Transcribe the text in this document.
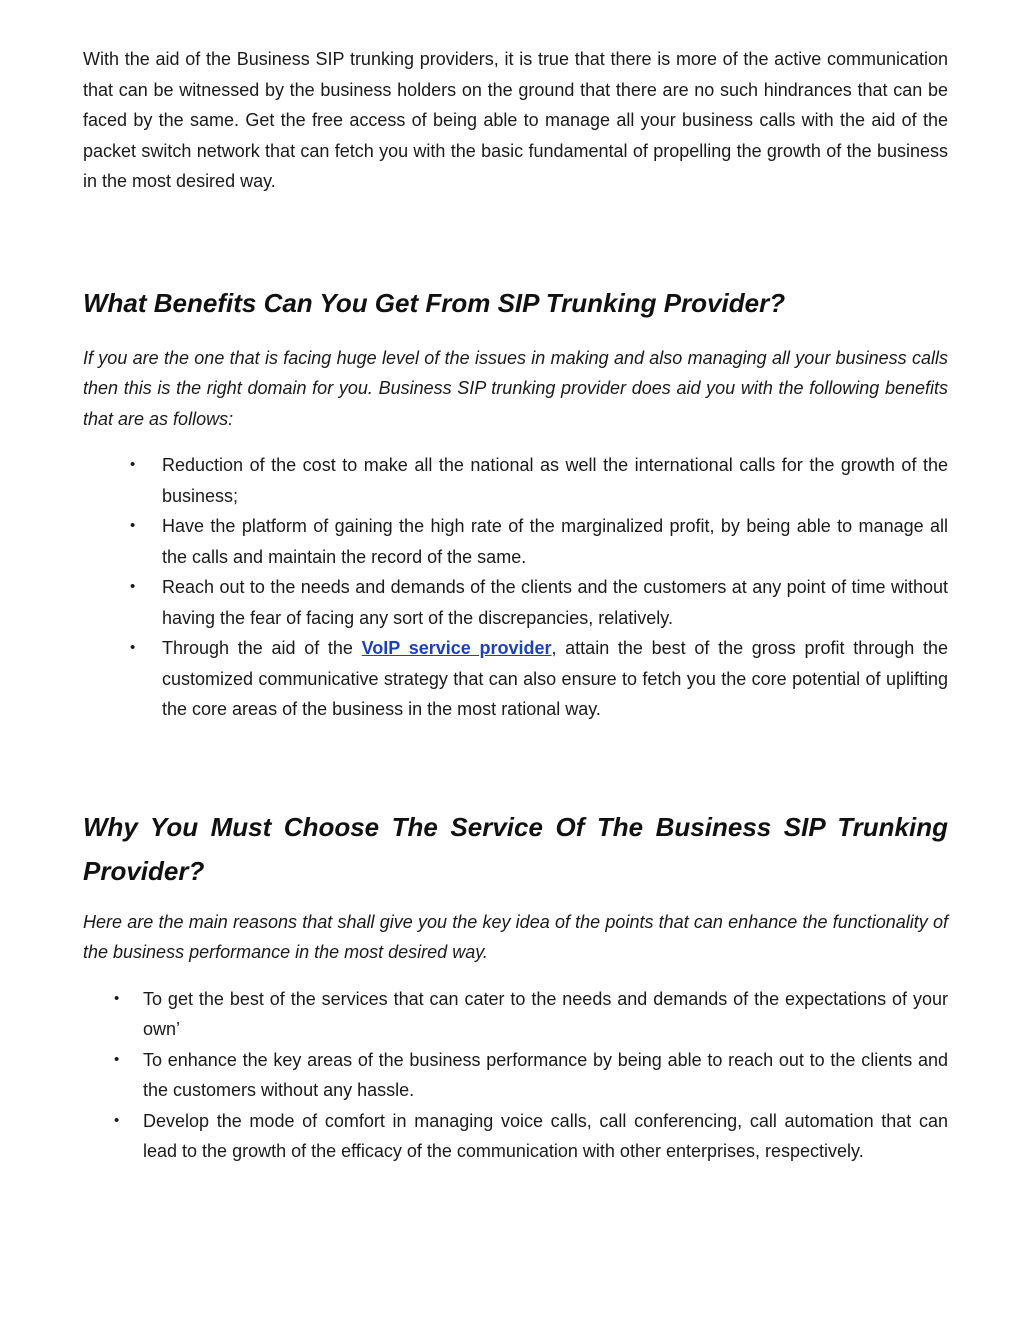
With the aid of the Business SIP trunking providers, it is true that there is more of the active communication that can be witnessed by the business holders on the ground that there are no such hindrances that can be faced by the same. Get the free access of being able to manage all your business calls with the aid of the packet switch network that can fetch you with the basic fundamental of propelling the growth of the business in the most desired way.

What Benefits Can You Get From SIP Trunking Provider?

If you are the one that is facing huge level of the issues in making and also managing all your business calls then this is the right domain for you. Business SIP trunking provider does aid you with the following benefits that are as follows:

• Reduction of the cost to make all the national as well the international calls for the growth of the business;
• Have the platform of gaining the high rate of the marginalized profit, by being able to manage all the calls and maintain the record of the same.
• Reach out to the needs and demands of the clients and the customers at any point of time without having the fear of facing any sort of the discrepancies, relatively.
• Through the aid of the VoIP service provider, attain the best of the gross profit through the customized communicative strategy that can also ensure to fetch you the core potential of uplifting the core areas of the business in the most rational way.
Why You Must Choose The Service Of The Business SIP Trunking Provider?

Here are the main reasons that shall give you the key idea of the points that can enhance the functionality of the business performance in the most desired way.

• To get the best of the services that can cater to the needs and demands of the expectations of your own’
• To enhance the key areas of the business performance by being able to reach out to the clients and the customers without any hassle.
• Develop the mode of comfort in managing voice calls, call conferencing, call automation that can lead to the growth of the efficacy of the communication with other enterprises, respectively.
